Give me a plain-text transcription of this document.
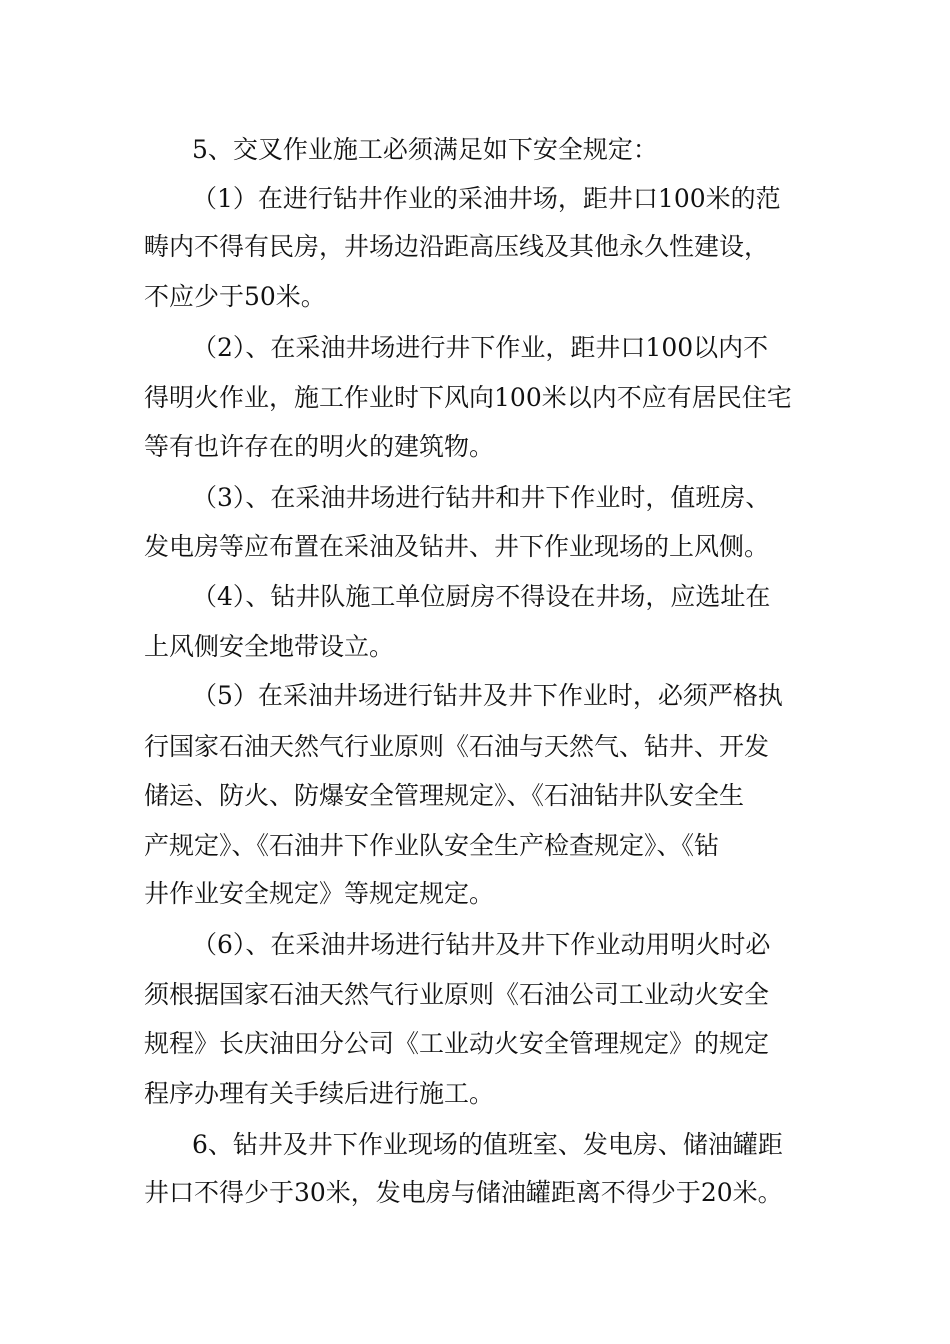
5、交叉作业施工必须满足如下安全规定：

（1）在进行钻井作业的采油井场，距井口100米的范

畴内不得有民房，井场边沿距高压线及其他永久性建设，

不应少于50米。

（2）、在采油井场进行井下作业，距井口100以内不

得明火作业，施工作业时下风向100米以内不应有居民住宅

等有也许存在的明火的建筑物。

（3）、在采油井场进行钻井和井下作业时，值班房、

发电房等应布置在采油及钻井、井下作业现场的上风侧。

（4）、钻井队施工单位厨房不得设在井场，应选址在

上风侧安全地带设立。

（5）在采油井场进行钻井及井下作业时，必须严格执

行国家石油天然气行业原则《石油与天然气、钻井、开发

储运、防火、防爆安全管理规定》、《石油钻井队安全生

产规定》、《石油井下作业队安全生产检查规定》、《钻

井作业安全规定》等规定规定。

（6）、在采油井场进行钻井及井下作业动用明火时必

须根据国家石油天然气行业原则《石油公司工业动火安全

规程》长庆油田分公司《工业动火安全管理规定》的规定

程序办理有关手续后进行施工。

6、钻井及井下作业现场的值班室、发电房、储油罐距

井口不得少于30米，发电房与储油罐距离不得少于20米。
